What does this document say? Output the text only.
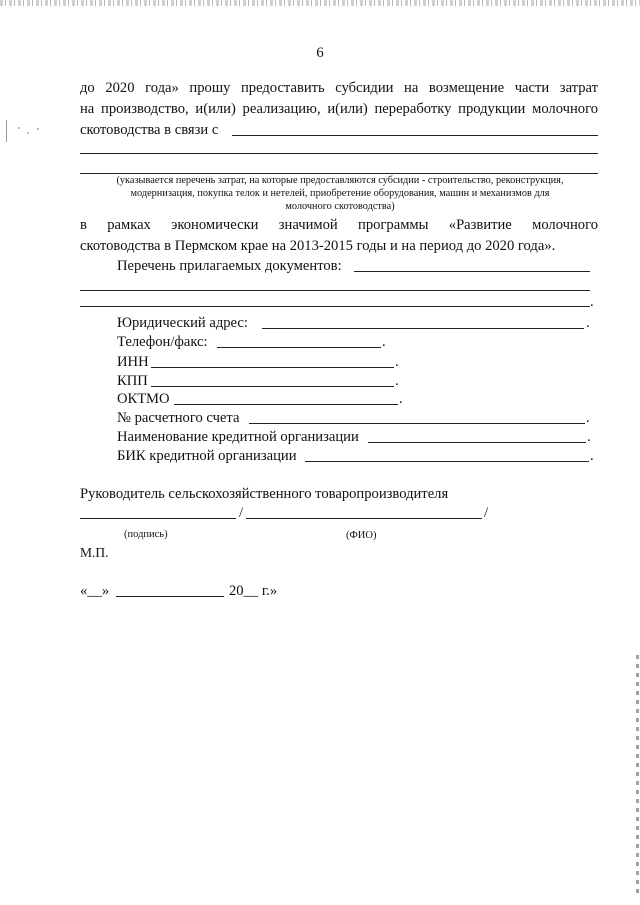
6
до 2020 года» прошу предоставить субсидии на возмещение части затрат
на производство, и(или) реализацию, и(или) переработку продукции молочного
скотоводства в связи с
(указывается перечень затрат, на которые предоставляются субсидии - строительство, реконструкция,
модернизация, покупка телок и нетелей, приобретение оборудования, машин и механизмов для
молочного скотоводства)
в рамках экономически значимой программы «Развитие молочного
скотоводства в Пермском крае на 2013-2015 годы и на период до 2020 года».
Перечень прилагаемых документов:
.
Юридический адрес:	.
Телефон/факс:	.
ИНН	.
КПП	.
ОКТМО	.
№ расчетного счета	.
Наименование кредитной организации	.
БИК кредитной организации	.
Руководитель сельскохозяйственного товаропроизводителя
/	/
(подпись)	(ФИО)
М.П.
«__»	20__ г.»
